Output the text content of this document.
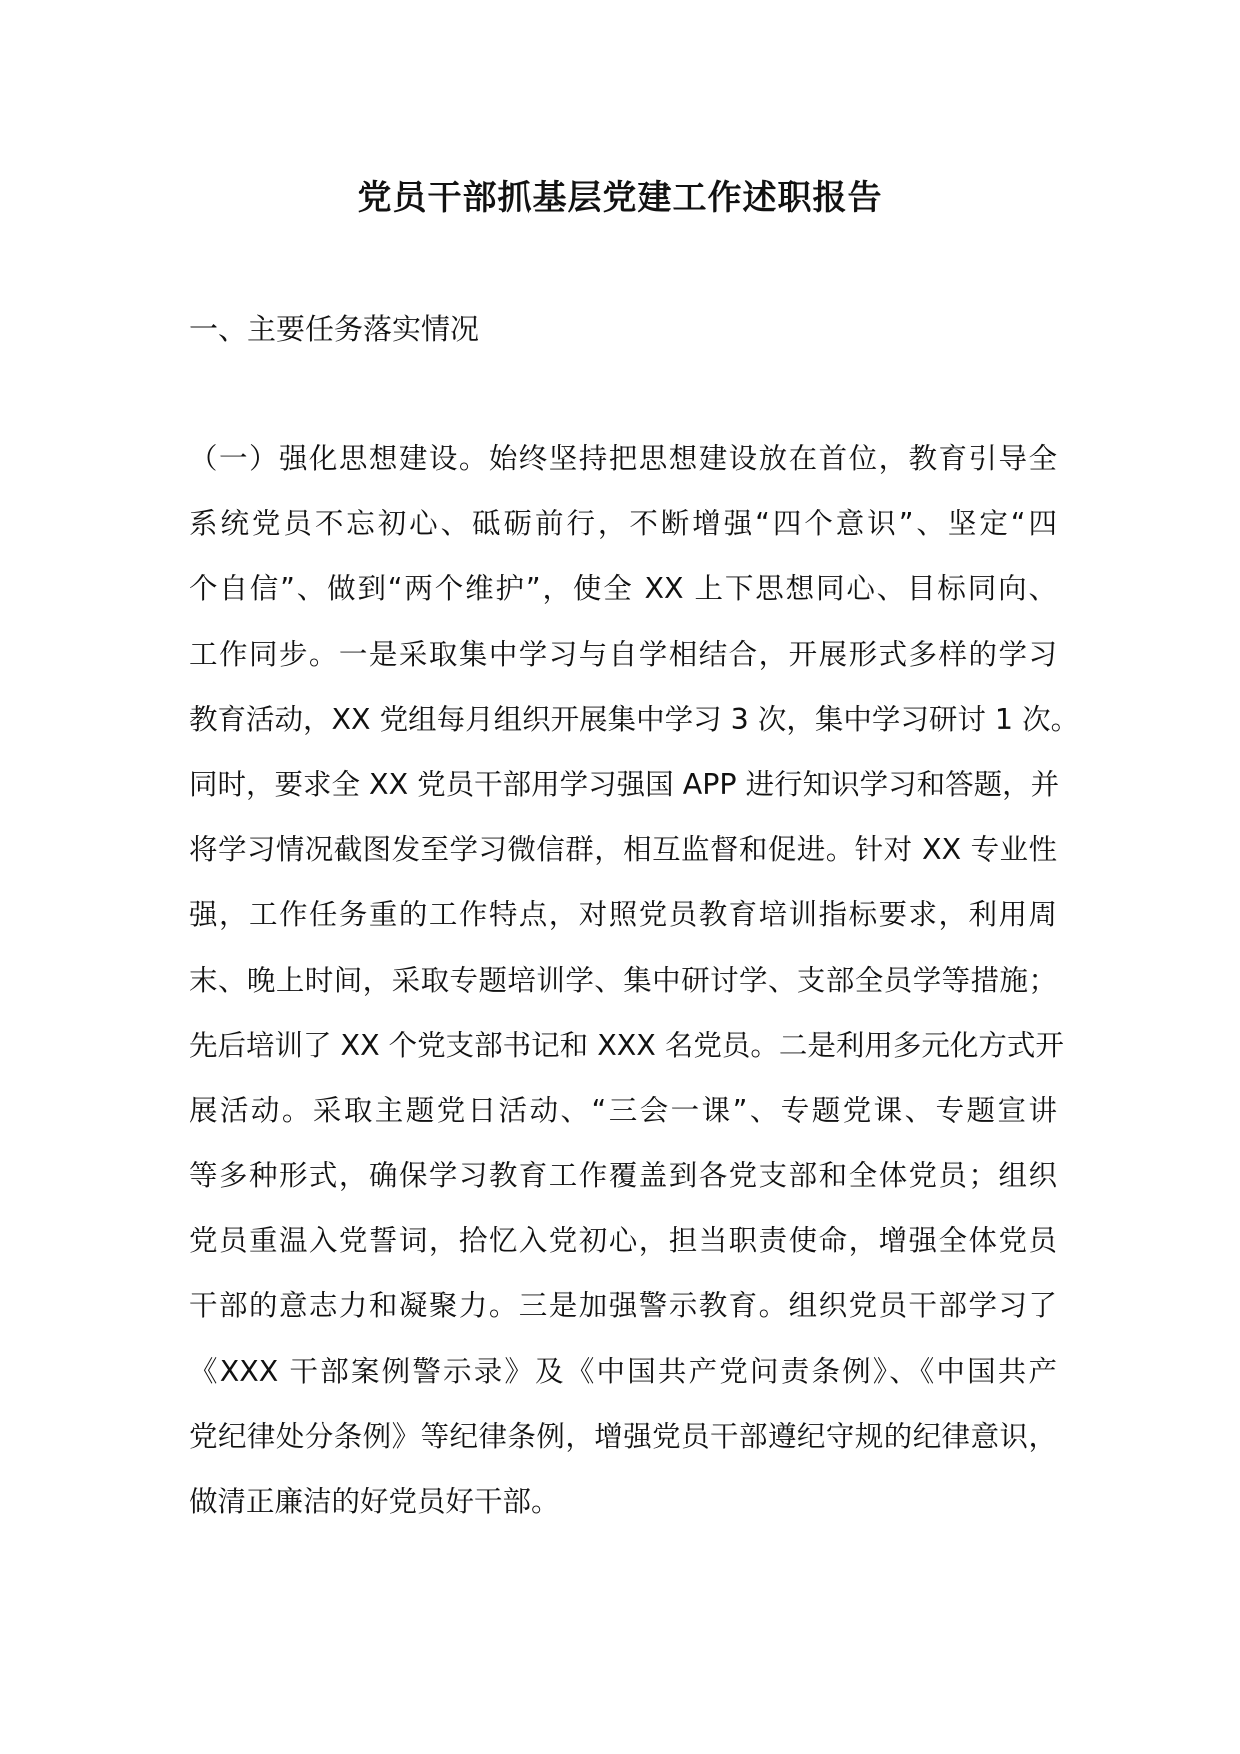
党员干部抓基层党建工作述职报告
一、主要任务落实情况
（一）强化思想建设。始终坚持把思想建设放在首位，教育引导全
系统党员不忘初心、砥砺前行，不断增强“四个意识”、坚定“四
个自信”、做到“两个维护”，使全 XX 上下思想同心、目标同向、
工作同步。一是采取集中学习与自学相结合，开展形式多样的学习
教育活动，XX 党组每月组织开展集中学习 3 次，集中学习研讨 1 次。
同时，要求全 XX 党员干部用学习强国 APP 进行知识学习和答题，并
将学习情况截图发至学习微信群，相互监督和促进。针对 XX 专业性
强，工作任务重的工作特点，对照党员教育培训指标要求，利用周
末、晚上时间，采取专题培训学、集中研讨学、支部全员学等措施；
先后培训了 XX 个党支部书记和 XXX 名党员。二是利用多元化方式开
展活动。采取主题党日活动、“三会一课”、专题党课、专题宣讲
等多种形式，确保学习教育工作覆盖到各党支部和全体党员；组织
党员重温入党誓词，拾忆入党初心，担当职责使命，增强全体党员
干部的意志力和凝聚力。三是加强警示教育。组织党员干部学习了
《XXX 干部案例警示录》及《中国共产党问责条例》、《中国共产
党纪律处分条例》等纪律条例，增强党员干部遵纪守规的纪律意识，
做清正廉洁的好党员好干部。
